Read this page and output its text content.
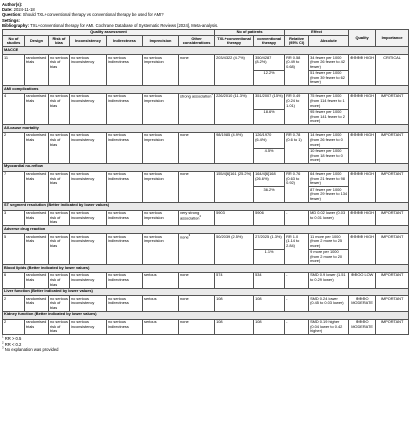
Author(s):
Date: 2024-11-18
Question: Should TXL+conventional therapy vs conventional therapy be used for AMI?
Settings:
Bibliography: TXL+conventional therapy for AMI. Cochrane Database of Systematic Reviews [2024], Meta-analysis.
Quality assessment							No of patients		Effect		Quality	Importance
No of studies	Design	Risk of bias	Inconsistency	Indirectness	Imprecision	Other considerations	TXL+conventional therapy	conventional therapy	Relative (95% CI)	Absolute		
MACCE												
11	randomised trials	no serious risk of bias	no serious inconsistency	no serious indirectness	no serious imprecision	none	203/4322 (4.7%)	350/4287 (8.2%)	RR 0.58 (0.49 to 0.68)	34 fewer per 1000 (from 26 fewer to 42 fewer)	⊕⊕⊕⊕ HIGH	CRITICAL
								12.2%		51 fewer per 1000 (from 39 fewer to 62 fewer)		
AMI complications												
4	randomised trials	no serious risk of bias	no serious inconsistency	no serious indirectness	no serious imprecision	strong association$^1$	226/2010 (11.3%)	351/2007 (15%)	RR 0.49 (0.24 to 1.01)	75 fewer per 1000 (from 114 fewer to 1 more)	⊕⊕⊕⊕ HIGH	IMPORTANT
								18.6%		95 fewer per 1000 (from 141 fewer to 2 more)		
All-cause mortality												
2	randomised trials	no serious risk of bias	no serious inconsistency	no serious indirectness	no serious imprecision	none	98/1985 (4.9%)	126/1970 (6.4%)	RR 0.78 (0.6 to 1)	14 fewer per 1000 (from 26 fewer to 0 more)	⊕⊕⊕⊕ HIGH	IMPORTANT
								4.5%		10 fewer per 1000 (from 18 fewer to 0 more)		
Myocardial no-reflow												
7	randomised trials	no serious risk of bias	no serious inconsistency	no serious indirectness	no serious imprecision	none	155/4[6]161 (25.2%)	164/4[6]168 (26.6%)	RR 0.76 (0.63 to 0.92)	64 fewer per 1000 (from 21 fewer to 98 fewer)	⊕⊕⊕⊕ HIGH	IMPORTANT
								36.2%		87 fewer per 1000 (from 29 fewer to 134 fewer)		
ST segment resolution (Better indicated by lower values)												
3	randomised trials	no serious risk of bias	no serious inconsistency	no serious indirectness	no serious imprecision	very strong association$^2$	5903	5906	-	MD 0.02 lower (0.03 to 0.01 lower)	⊕⊕⊕⊕ HIGH	IMPORTANT
Adverse drug reaction												
5	randomised trials	no serious risk of bias	no serious inconsistency	no serious indirectness	no serious imprecision	none$^3$	50/2039 (2.5%)	27/2025 (1.3%)	RR 1.0 (1.14 to 2.84)	11 more per 1000 (from 2 more to 25 more)	⊕⊕⊕⊕ HIGH	IMPORTANT
								1.1%		9 more per 1000 (from 2 more to 20 more)		
Blood lipids (Better indicated by lower values)												
6	randomised trials	no serious risk of bias	no serious inconsistency	no serious indirectness	serious	none	574	534	-	SMD 0.9 lower (1.51 to 0.29 lower)	⊕⊕OO LOW	IMPORTANT
Liver function (Better indicated by lower values)												
2	randomised trials	no serious risk of bias	no serious inconsistency	no serious indirectness	serious	none	108	108	-	SMD 0.24 lower (0.45 to 0.03 lower)	⊕⊕⊕O MODERATE	IMPORTANT
Kidney function (Better indicated by lower values)												
2	randomised trials	no serious risk of bias	no serious inconsistency	no serious indirectness	serious	none	108	108	-	SMD 0.19 higher (0.04 lower to 0.42 higher)	⊕⊕⊕O MODERATE	IMPORTANT
$^1$ RR > 0.5
$^2$ RR < 0.2
$^3$ No explanation was provided
